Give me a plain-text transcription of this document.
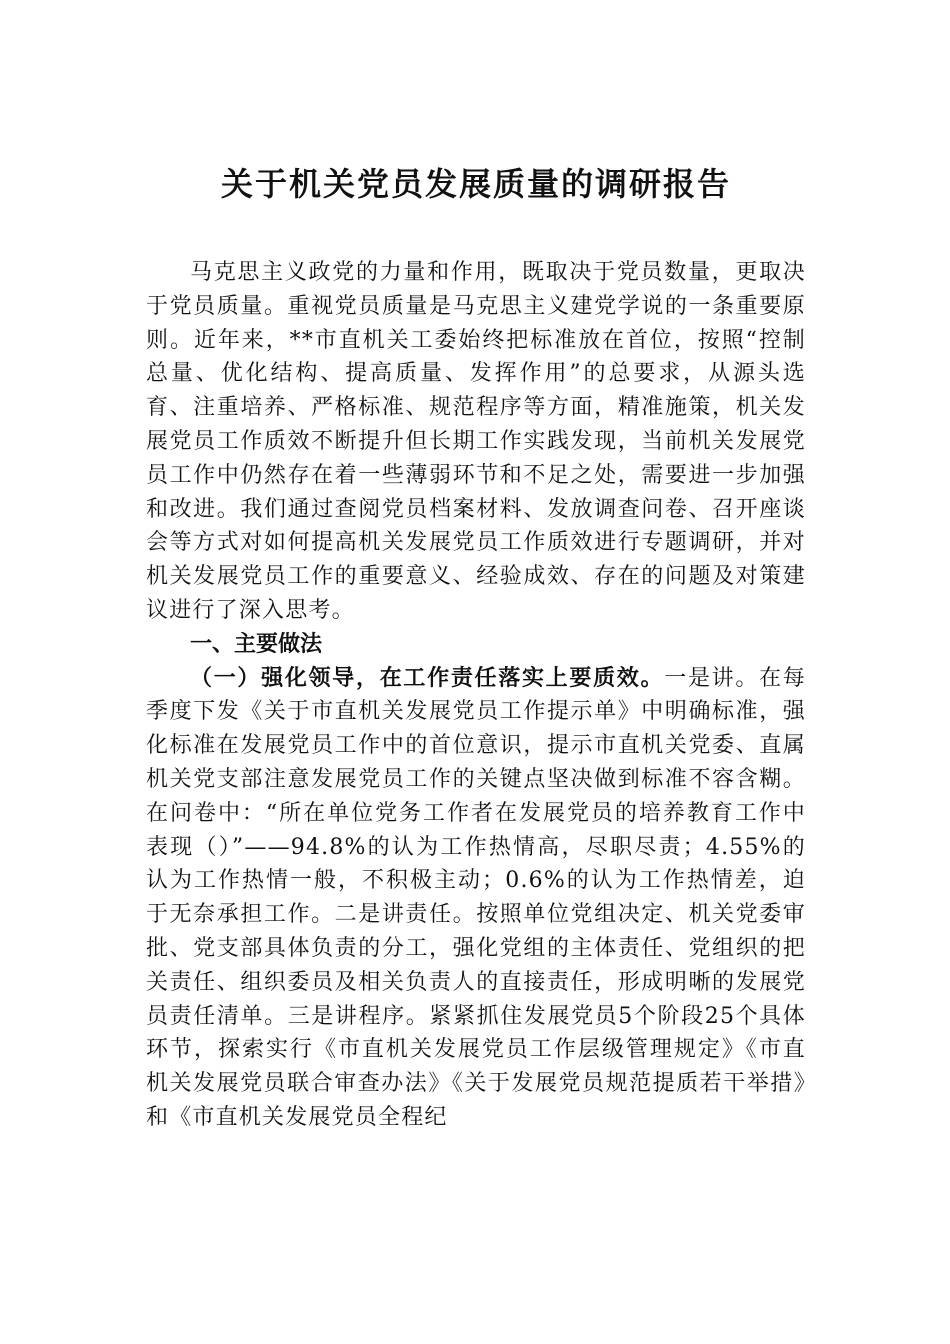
关于机关党员发展质量的调研报告

马克思主义政党的力量和作用，既取决于党员数量，更取决于党员质量。重视党员质量是马克思主义建党学说的一条重要原则。近年来，**市直机关工委始终把标准放在首位，按照“控制总量、优化结构、提高质量、发挥作用”的总要求，从源头选育、注重培养、严格标准、规范程序等方面，精准施策，机关发展党员工作质效不断提升但长期工作实践发现，当前机关发展党员工作中仍然存在着一些薄弱环节和不足之处，需要进一步加强和改进。我们通过查阅党员档案材料、发放调查问卷、召开座谈会等方式对如何提高机关发展党员工作质效进行专题调研，并对机关发展党员工作的重要意义、经验成效、存在的问题及对策建议进行了深入思考。

一、主要做法

（一）强化领导，在工作责任落实上要质效。一是讲。在每季度下发《关于市直机关发展党员工作提示单》中明确标准，强化标准在发展党员工作中的首位意识，提示市直机关党委、直属机关党支部注意发展党员工作的关键点坚决做到标准不容含糊。在问卷中：“所在单位党务工作者在发展党员的培养教育工作中表现（）”——94.8%的认为工作热情高，尽职尽责；4.55%的认为工作热情一般，不积极主动；0.6%的认为工作热情差，迫于无奈承担工作。二是讲责任。按照单位党组决定、机关党委审批、党支部具体负责的分工，强化党组的主体责任、党组织的把关责任、组织委员及相关负责人的直接责任，形成明晰的发展党员责任清单。三是讲程序。紧紧抓住发展党员5个阶段25个具体环节，探索实行《市直机关发展党员工作层级管理规定》《市直机关发展党员联合审查办法》《关于发展党员规范提质若干举措》和《市直机关发展党员全程纪
